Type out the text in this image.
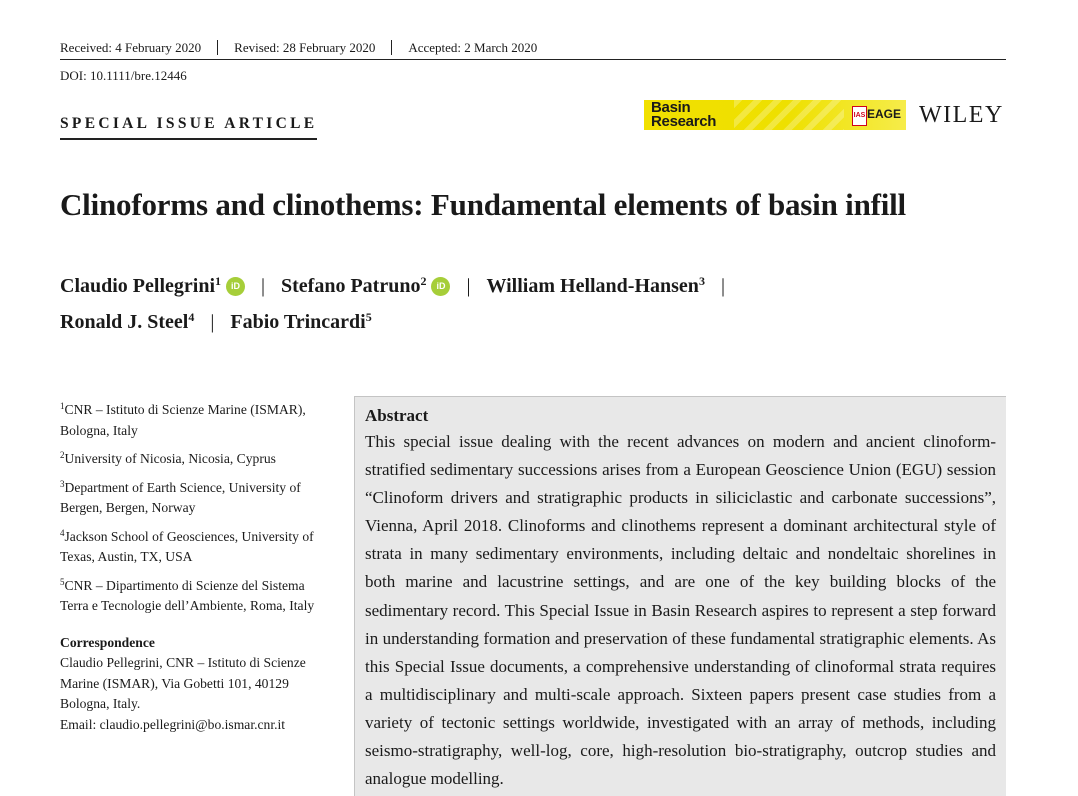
Received: 4 February 2020	Revised: 28 February 2020	Accepted: 2 March 2020
DOI: 10.1111/bre.12446
SPECIAL ISSUE ARTICLE
Basin
Research	IAS EAGE WILEY
Clinoforms and clinothems: Fundamental elements of basin infill
Claudio Pellegrini$^1$ iD | Stefano Patruno$^2$ iD | William Helland-Hansen$^3$ |
Ronald J. Steel$^4$ | Fabio Trincardi$^5$
$^1$CNR – Istituto di Scienze Marine (ISMAR), Bologna, Italy
$^2$University of Nicosia, Nicosia, Cyprus
$^3$Department of Earth Science, University of Bergen, Bergen, Norway
$^4$Jackson School of Geosciences, University of Texas, Austin, TX, USA
$^5$CNR – Dipartimento di Scienze del Sistema Terra e Tecnologie dell’Ambiente, Roma, Italy
Correspondence
Claudio Pellegrini, CNR – Istituto di Scienze Marine (ISMAR), Via Gobetti 101, 40129 Bologna, Italy.
Email: claudio.pellegrini@bo.ismar.cnr.it
Abstract
This special issue dealing with the recent advances on modern and ancient clinoform-stratified sedimentary successions arises from a European Geoscience Union (EGU) session “Clinoform drivers and stratigraphic products in siliciclastic and carbonate successions”, Vienna, April 2018. Clinoforms and clinothems represent a dominant architectural style of strata in many sedimentary environments, including deltaic and nondeltaic shorelines in both marine and lacustrine settings, and are one of the key building blocks of the sedimentary record. This Special Issue in Basin Research aspires to represent a step forward in understanding formation and preservation of these fundamental stratigraphic elements. As this Special Issue documents, a comprehensive understanding of clinoformal strata requires a multidisciplinary and multi-scale approach. Sixteen papers present case studies from a variety of tectonic settings worldwide, investigated with an array of methods, including seismo-stratigraphy, well-log, core, high-resolution bio-stratigraphy, outcrop studies and analogue modelling.
